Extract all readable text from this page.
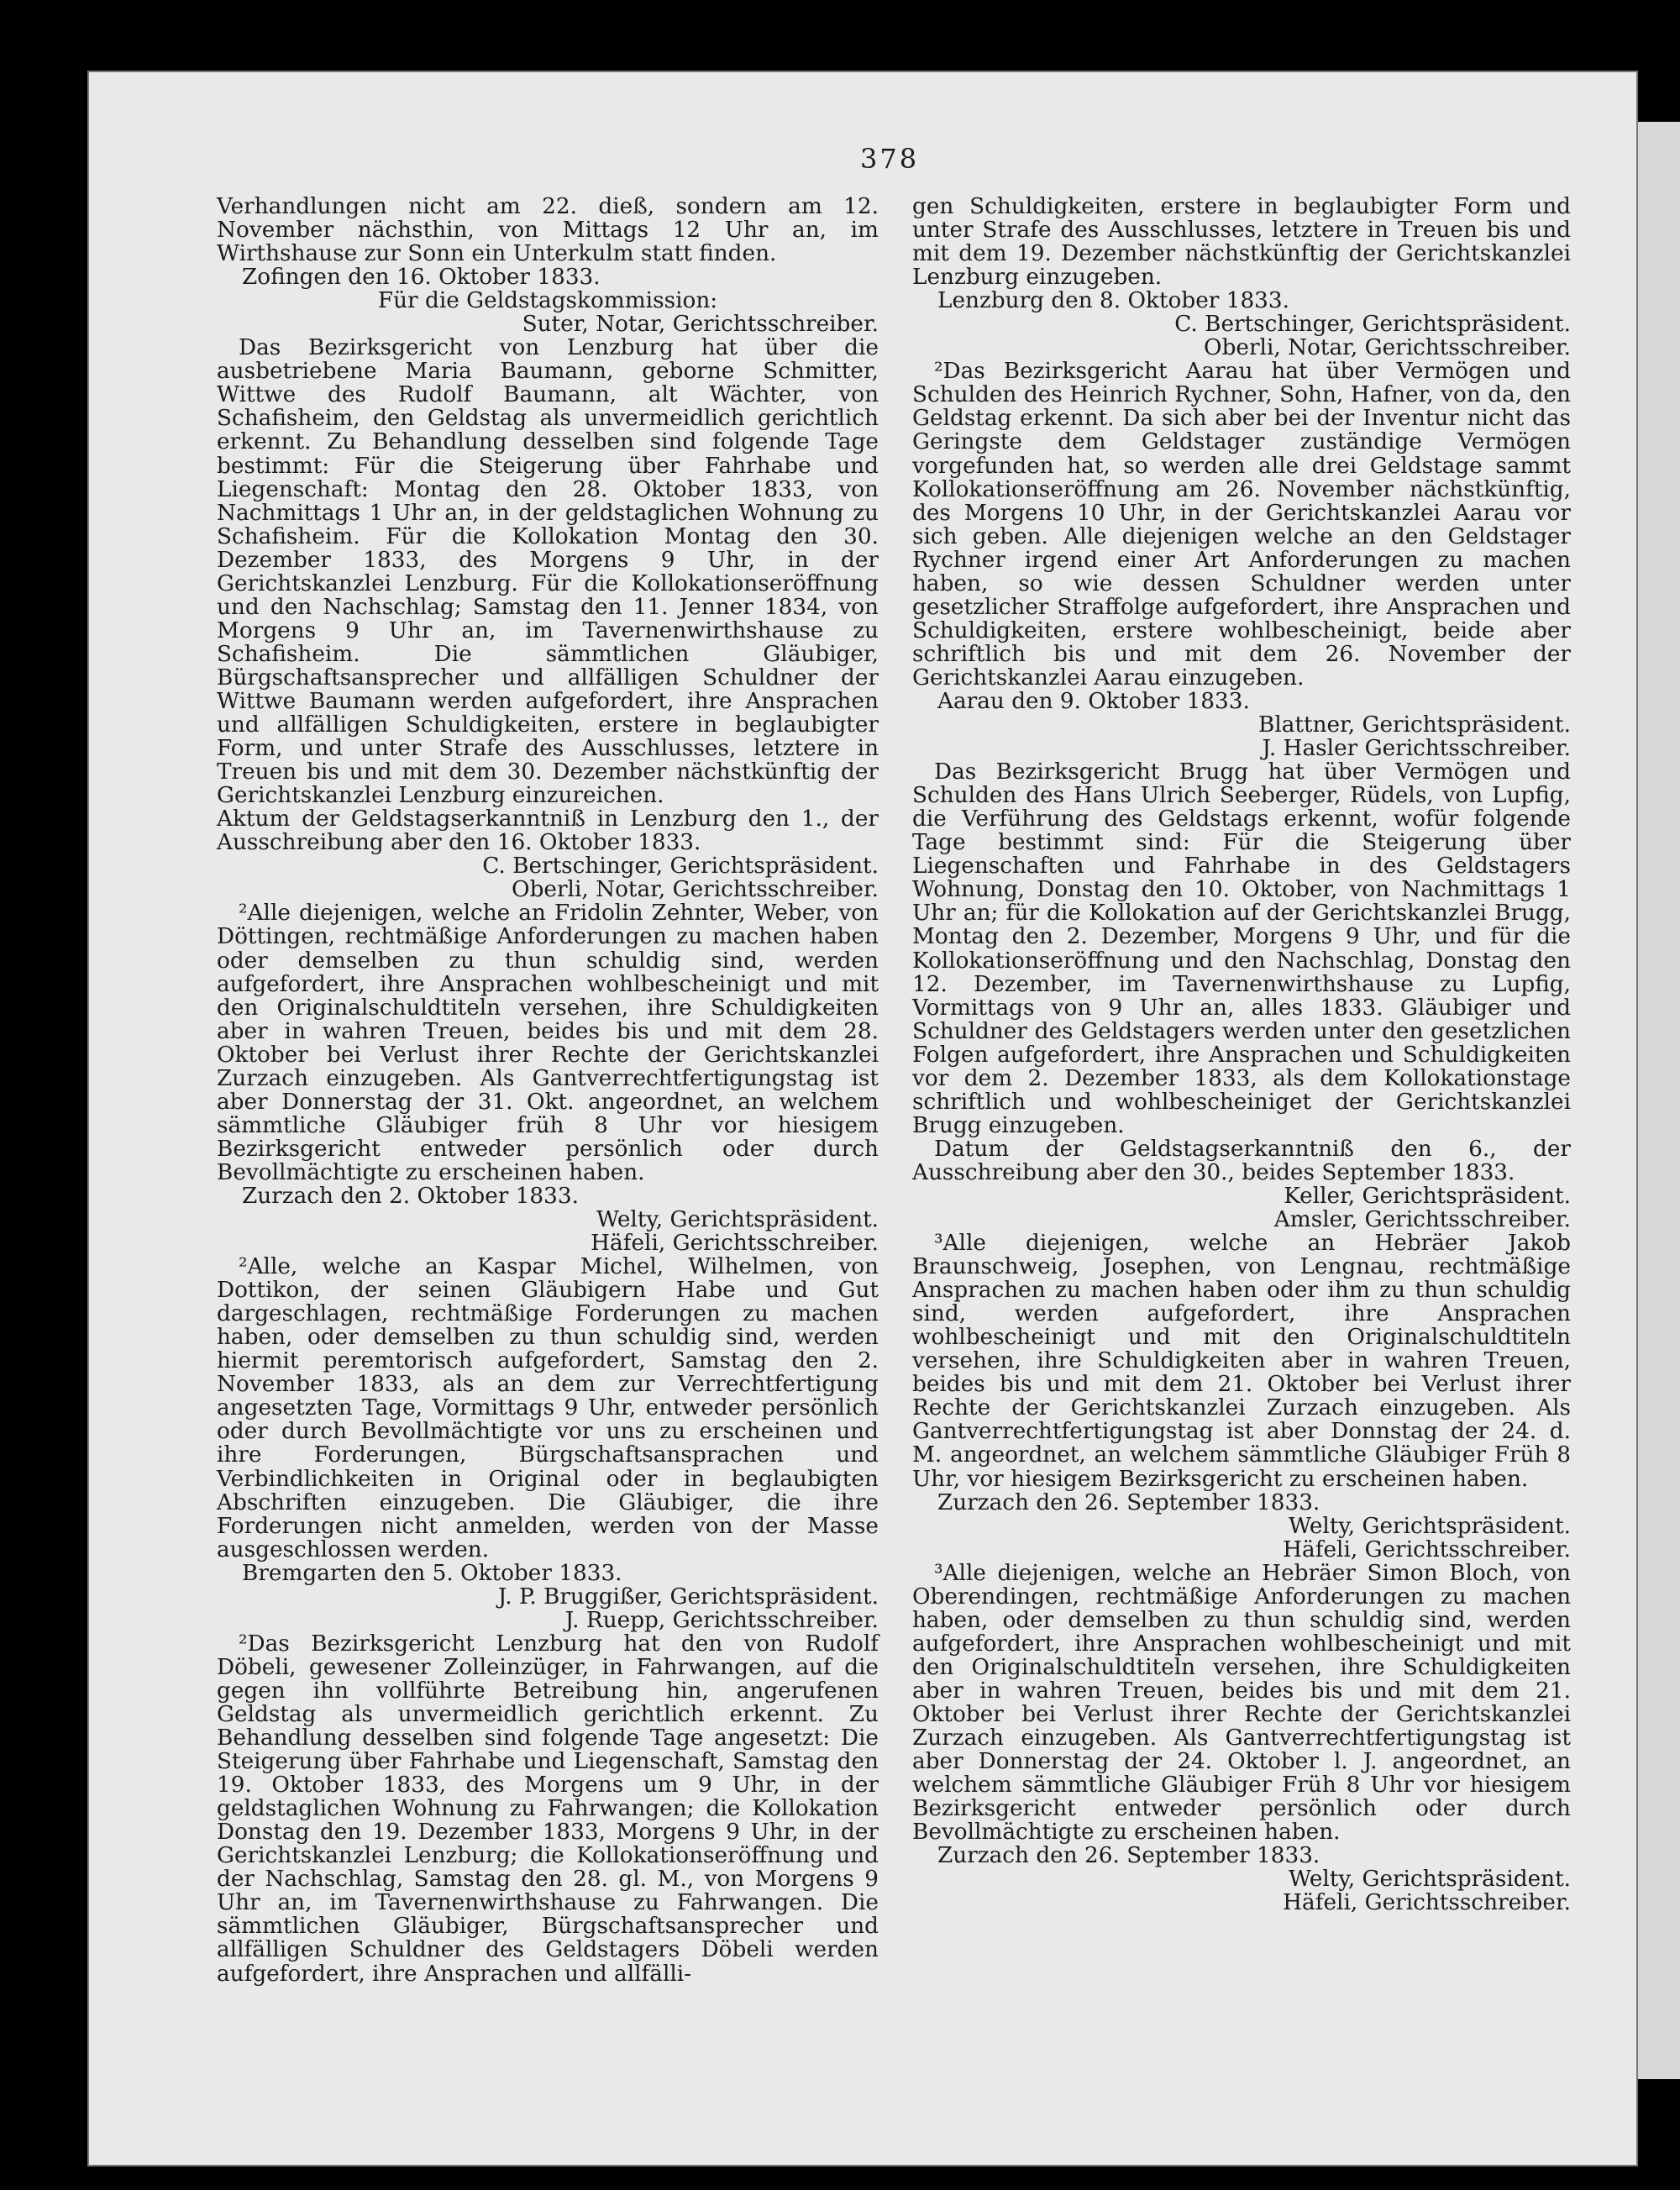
378

Verhandlungen nicht am 22. dieß, sondern am 12. November nächsthin, von Mittags 12 Uhr an, im Wirthshause zur Sonn ein Unterkulm statt finden.

Zofingen den 16. Oktober 1833.

Für die Geldstagskommission:

Suter, Notar, Gerichtsschreiber.

Das Bezirksgericht von Lenzburg hat über die ausbetriebene Maria Baumann, geborne Schmitter, Wittwe des Rudolf Baumann, alt Wächter, von Schafisheim, den Geldstag als unvermeidlich gerichtlich erkennt. Zu Behandlung desselben sind folgende Tage bestimmt: Für die Steigerung über Fahrhabe und Liegenschaft: Montag den 28. Oktober 1833, von Nachmittags 1 Uhr an, in der geldstaglichen Wohnung zu Schafisheim. Für die Kollokation Montag den 30. Dezember 1833, des Morgens 9 Uhr, in der Gerichtskanzlei Lenzburg. Für die Kollokationseröffnung und den Nachschlag; Samstag den 11. Jenner 1834, von Morgens 9 Uhr an, im Tavernenwirthshause zu Schafisheim. Die sämmtlichen Gläubiger, Bürgschaftsansprecher und allfälligen Schuldner der Wittwe Baumann werden aufgefordert, ihre Ansprachen und allfälligen Schuldigkeiten, erstere in beglaubigter Form, und unter Strafe des Ausschlusses, letztere in Treuen bis und mit dem 30. Dezember nächstkünftig der Gerichtskanzlei Lenzburg einzureichen.

Aktum der Geldstagserkanntniß in Lenzburg den 1., der Ausschreibung aber den 16. Oktober 1833.

C. Bertschinger, Gerichtspräsident.

Oberli, Notar, Gerichtsschreiber.

²Alle diejenigen, welche an Fridolin Zehnter, Weber, von Döttingen, rechtmäßige Anforderungen zu machen haben oder demselben zu thun schuldig sind, werden aufgefordert, ihre Ansprachen wohlbescheinigt und mit den Originalschuldtiteln versehen, ihre Schuldigkeiten aber in wahren Treuen, beides bis und mit dem 28. Oktober bei Verlust ihrer Rechte der Gerichtskanzlei Zurzach einzugeben. Als Gantverrechtfertigungstag ist aber Donnerstag der 31. Okt. angeordnet, an welchem sämmtliche Gläubiger früh 8 Uhr vor hiesigem Bezirksgericht entweder persönlich oder durch Bevollmächtigte zu erscheinen haben.

Zurzach den 2. Oktober 1833.

Welty, Gerichtspräsident.

Häfeli, Gerichtsschreiber.

²Alle, welche an Kaspar Michel, Wilhelmen, von Dottikon, der seinen Gläubigern Habe und Gut dargeschlagen, rechtmäßige Forderungen zu machen haben, oder demselben zu thun schuldig sind, werden hiermit peremtorisch aufgefordert, Samstag den 2. November 1833, als an dem zur Verrechtfertigung angesetzten Tage, Vormittags 9 Uhr, entweder persönlich oder durch Bevollmächtigte vor uns zu erscheinen und ihre Forderungen, Bürgschaftsansprachen und Verbindlichkeiten in Original oder in beglaubigten Abschriften einzugeben. Die Gläubiger, die ihre Forderungen nicht anmelden, werden von der Masse ausgeschlossen werden.

Bremgarten den 5. Oktober 1833.

J. P. Bruggißer, Gerichtspräsident.

J. Ruepp, Gerichtsschreiber.

²Das Bezirksgericht Lenzburg hat den von Rudolf Döbeli, gewesener Zolleinzüger, in Fahrwangen, auf die gegen ihn vollführte Betreibung hin, angerufenen Geldstag als unvermeidlich gerichtlich erkennt. Zu Behandlung desselben sind folgende Tage angesetzt: Die Steigerung über Fahrhabe und Liegenschaft, Samstag den 19. Oktober 1833, des Morgens um 9 Uhr, in der geldstaglichen Wohnung zu Fahrwangen; die Kollokation Donstag den 19. Dezember 1833, Morgens 9 Uhr, in der Gerichtskanzlei Lenzburg; die Kollokationseröffnung und der Nachschlag, Samstag den 28. gl. M., von Morgens 9 Uhr an, im Tavernenwirthshause zu Fahrwangen. Die sämmtlichen Gläubiger, Bürgschaftsansprecher und allfälligen Schuldner des Geldstagers Döbeli werden aufgefordert, ihre Ansprachen und allfälli-

gen Schuldigkeiten, erstere in beglaubigter Form und unter Strafe des Ausschlusses, letztere in Treuen bis und mit dem 19. Dezember nächstkünftig der Gerichtskanzlei Lenzburg einzugeben.

Lenzburg den 8. Oktober 1833.

C. Bertschinger, Gerichtspräsident.

Oberli, Notar, Gerichtsschreiber.

²Das Bezirksgericht Aarau hat über Vermögen und Schulden des Heinrich Rychner, Sohn, Hafner, von da, den Geldstag erkennt. Da sich aber bei der Inventur nicht das Geringste dem Geldstager zuständige Vermögen vorgefunden hat, so werden alle drei Geldstage sammt Kollokationseröffnung am 26. November nächstkünftig, des Morgens 10 Uhr, in der Gerichtskanzlei Aarau vor sich geben. Alle diejenigen welche an den Geldstager Rychner irgend einer Art Anforderungen zu machen haben, so wie dessen Schuldner werden unter gesetzlicher Straffolge aufgefordert, ihre Ansprachen und Schuldigkeiten, erstere wohlbescheinigt, beide aber schriftlich bis und mit dem 26. November der Gerichtskanzlei Aarau einzugeben.

Aarau den 9. Oktober 1833.

Blattner, Gerichtspräsident.

J. Hasler Gerichtsschreiber.

Das Bezirksgericht Brugg hat über Vermögen und Schulden des Hans Ulrich Seeberger, Rüdels, von Lupfig, die Verführung des Geldstags erkennt, wofür folgende Tage bestimmt sind: Für die Steigerung über Liegenschaften und Fahrhabe in des Geldstagers Wohnung, Donstag den 10. Oktober, von Nachmittags 1 Uhr an; für die Kollokation auf der Gerichtskanzlei Brugg, Montag den 2. Dezember, Morgens 9 Uhr, und für die Kollokationseröffnung und den Nachschlag, Donstag den 12. Dezember, im Tavernenwirthshause zu Lupfig, Vormittags von 9 Uhr an, alles 1833. Gläubiger und Schuldner des Geldstagers werden unter den gesetzlichen Folgen aufgefordert, ihre Ansprachen und Schuldigkeiten vor dem 2. Dezember 1833, als dem Kollokationstage schriftlich und wohlbescheiniget der Gerichtskanzlei Brugg einzugeben.

Datum der Geldstagserkanntniß den 6., der Ausschreibung aber den 30., beides September 1833.

Keller, Gerichtspräsident.

Amsler, Gerichtsschreiber.

³Alle diejenigen, welche an Hebräer Jakob Braunschweig, Josephen, von Lengnau, rechtmäßige Ansprachen zu machen haben oder ihm zu thun schuldig sind, werden aufgefordert, ihre Ansprachen wohlbescheinigt und mit den Originalschuldtiteln versehen, ihre Schuldigkeiten aber in wahren Treuen, beides bis und mit dem 21. Oktober bei Verlust ihrer Rechte der Gerichtskanzlei Zurzach einzugeben. Als Gantverrechtfertigungstag ist aber Donnstag der 24. d. M. angeordnet, an welchem sämmtliche Gläubiger Früh 8 Uhr, vor hiesigem Bezirksgericht zu erscheinen haben.

Zurzach den 26. September 1833.

Welty, Gerichtspräsident.

Häfeli, Gerichtsschreiber.

³Alle diejenigen, welche an Hebräer Simon Bloch, von Oberendingen, rechtmäßige Anforderungen zu machen haben, oder demselben zu thun schuldig sind, werden aufgefordert, ihre Ansprachen wohlbescheinigt und mit den Originalschuldtiteln versehen, ihre Schuldigkeiten aber in wahren Treuen, beides bis und mit dem 21. Oktober bei Verlust ihrer Rechte der Gerichtskanzlei Zurzach einzugeben. Als Gantverrechtfertigungstag ist aber Donnerstag der 24. Oktober l. J. angeordnet, an welchem sämmtliche Gläubiger Früh 8 Uhr vor hiesigem Bezirksgericht entweder persönlich oder durch Bevollmächtigte zu erscheinen haben.

Zurzach den 26. September 1833.

Welty, Gerichtspräsident.

Häfeli, Gerichtsschreiber.
